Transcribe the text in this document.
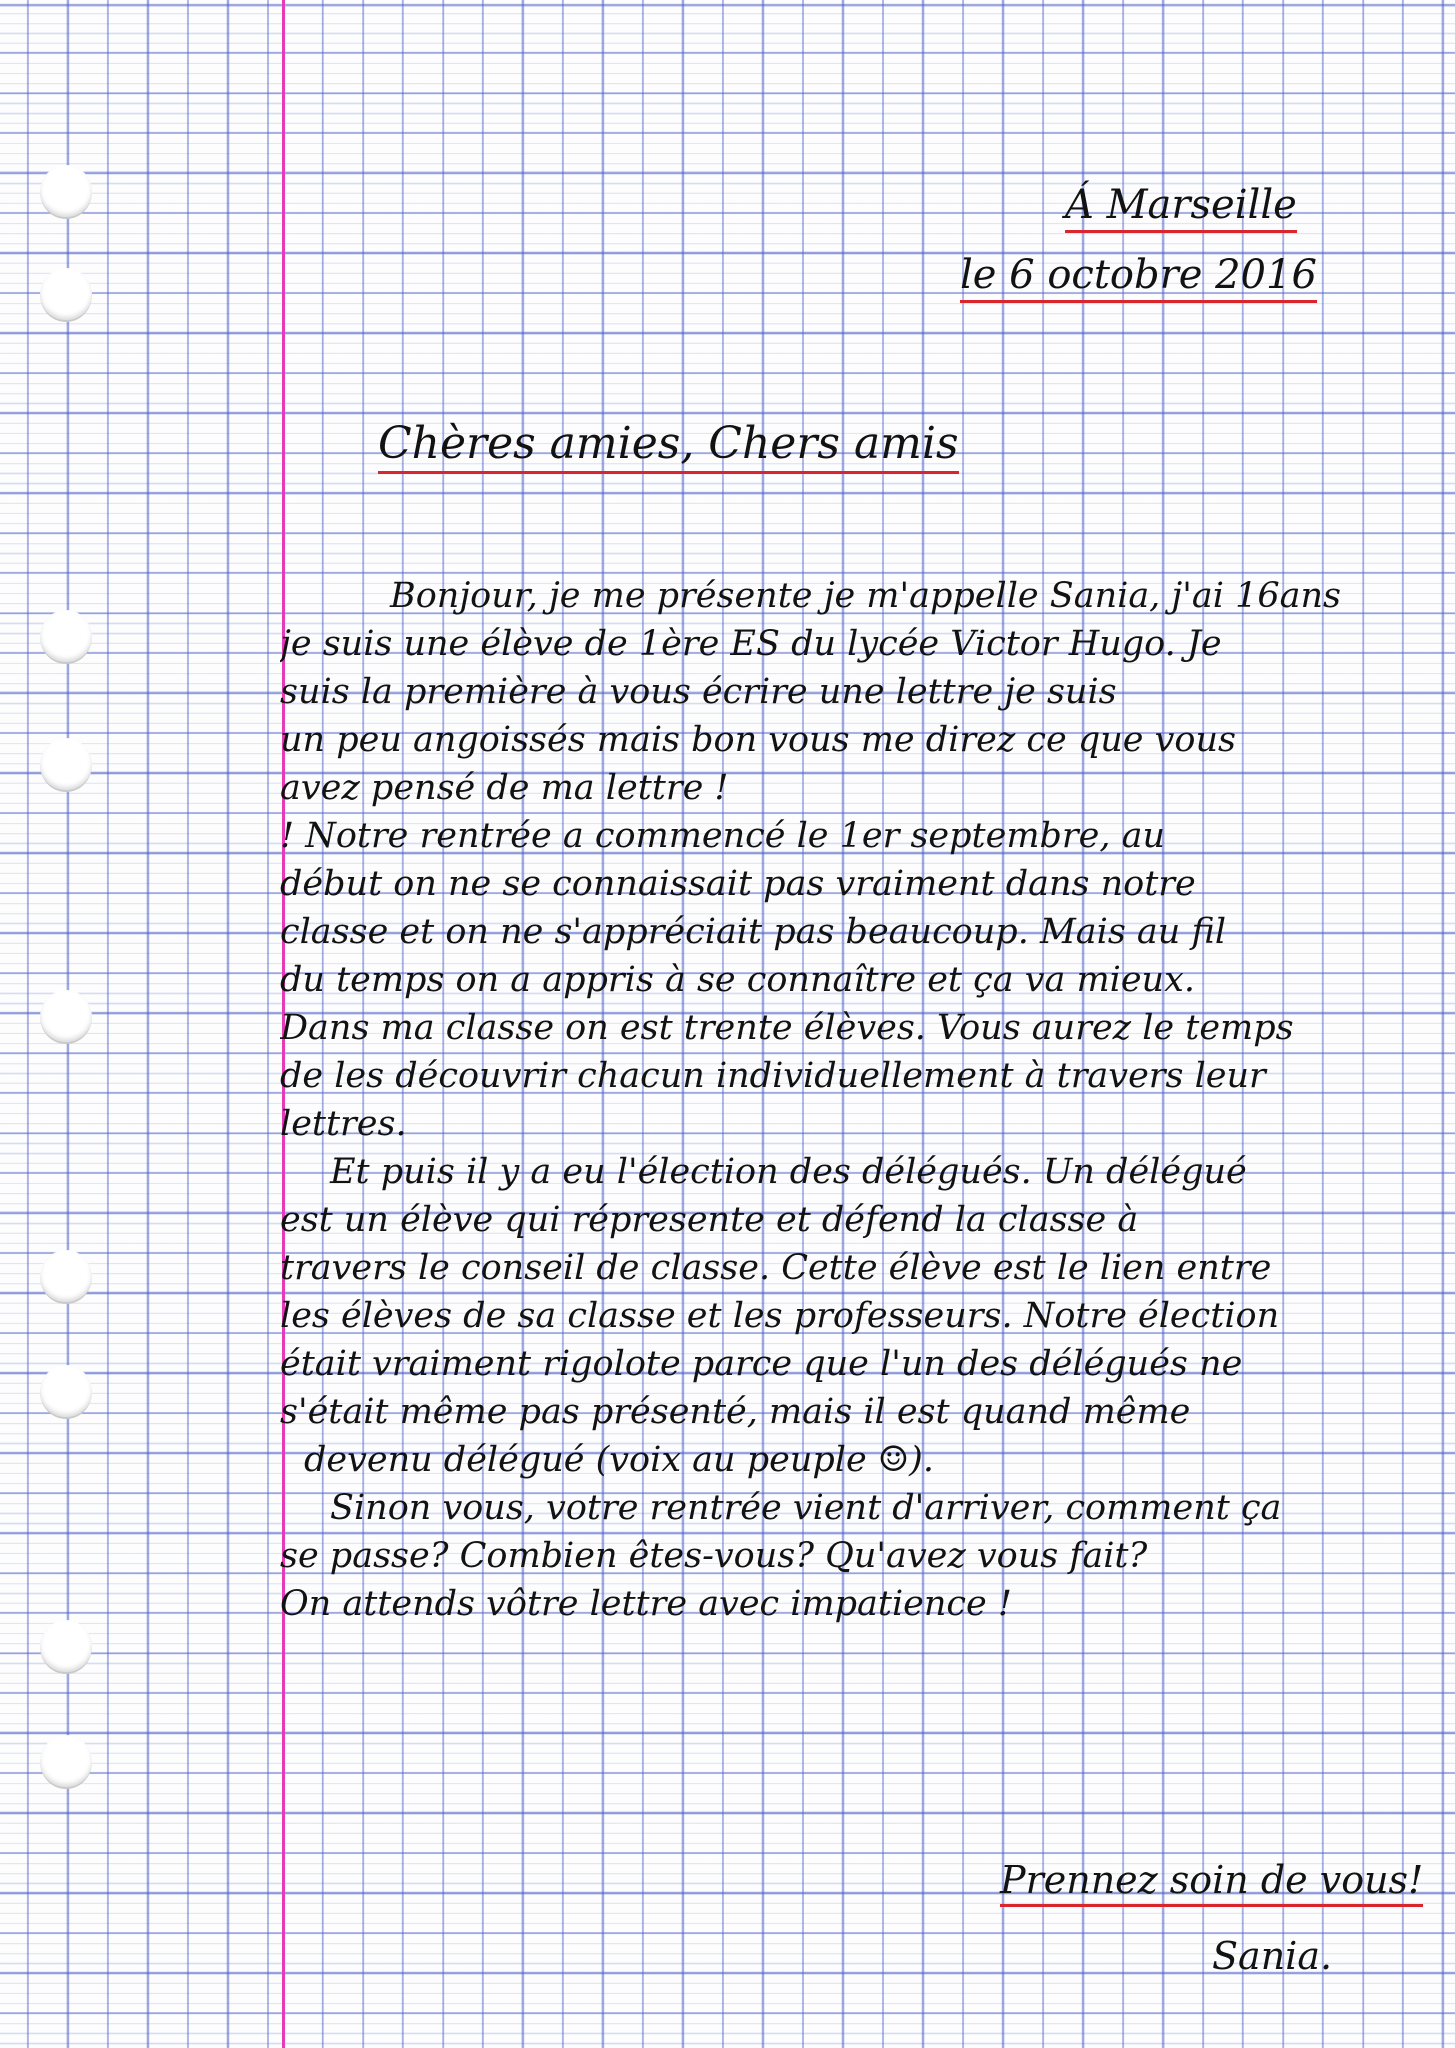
Á Marseille
le 6 octobre 2016
Chères amies, Chers amis
Bonjour, je me présente je m'appelle Sania, j'ai 16ans
je suis une élève de 1ère ES du lycée Victor Hugo. Je
suis la première à vous écrire une lettre je suis
un peu angoissés mais bon vous me direz ce que vous
avez pensé de ma lettre !
! Notre rentrée a commencé le 1er septembre, au
début on ne se connaissait pas vraiment dans notre
classe et on ne s'appréciait pas beaucoup. Mais au fil
du temps on a appris à se connaître et ça va mieux.
Dans ma classe on est trente élèves. Vous aurez le temps
de les découvrir chacun individuellement à travers leur
lettres.
Et puis il y a eu l'élection des délégués. Un délégué
est un élève qui répresente et défend la classe à
travers le conseil de classe. Cette élève est le lien entre
les élèves de sa classe et les professeurs. Notre élection
était vraiment rigolote parce que l'un des délégués ne
s'était même pas présenté, mais il est quand même
devenu délégué (voix au peuple ☺).
Sinon vous, votre rentrée vient d'arriver, comment ça
se passe? Combien êtes-vous? Qu'avez vous fait?
On attends vôtre lettre avec impatience !
Prennez soin de vous!
Sania.
